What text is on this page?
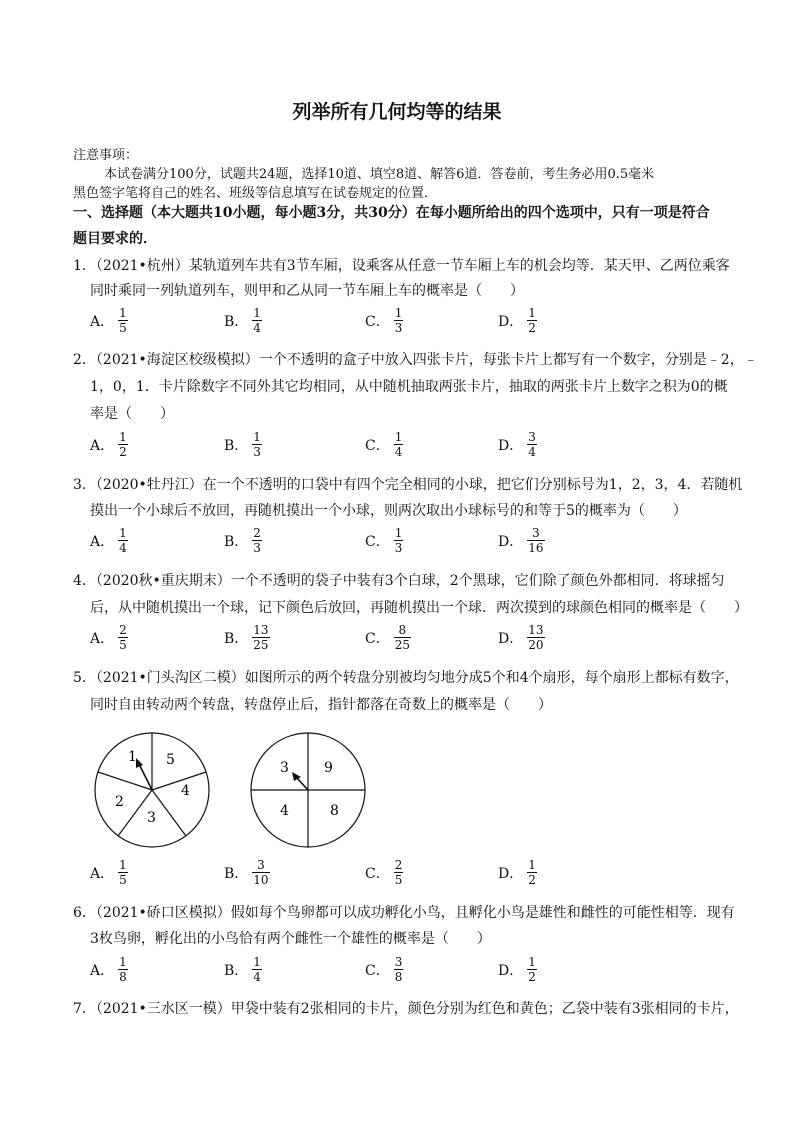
列举所有几何均等的结果
注意事项：
本试卷满分100分，试题共24题，选择10道、填空8道、解答6道．答卷前，考生务必用0.5毫米
黑色签字笔将自己的姓名、班级等信息填写在试卷规定的位置．
一、选择题（本大题共10小题，每小题3分，共30分）在每小题所给出的四个选项中，只有一项是符合
题目要求的．
1．（2021•杭州）某轨道列车共有3节车厢，设乘客从任意一节车厢上车的机会均等．某天甲、乙两位乘客
同时乘同一列轨道列车，则甲和乙从同一节车厢上车的概率是（　　）
A． $\frac{1}{5}$	B． $\frac{1}{4}$	C． $\frac{1}{3}$	D． $\frac{1}{2}$
2．（2021•海淀区校级模拟）一个不透明的盒子中放入四张卡片，每张卡片上都写有一个数字，分别是﹣2，﹣
1，0，1．卡片除数字不同外其它均相同，从中随机抽取两张卡片，抽取的两张卡片上数字之积为0的概
率是（　　）
A． $\frac{1}{2}$	B． $\frac{1}{3}$	C． $\frac{1}{4}$	D． $\frac{3}{4}$
3．（2020•牡丹江）在一个不透明的口袋中有四个完全相同的小球，把它们分别标号为1，2，3，4．若随机
摸出一个小球后不放回，再随机摸出一个小球，则两次取出小球标号的和等于5的概率为（　　）
A． $\frac{1}{4}$	B． $\frac{2}{3}$	C． $\frac{1}{3}$	D． $\frac{3}{16}$
4．（2020秋•重庆期末）一个不透明的袋子中装有3个白球，2个黑球，它们除了颜色外都相同．将球摇匀
后，从中随机摸出一个球，记下颜色后放回，再随机摸出一个球．两次摸到的球颜色相同的概率是（　　）
A． $\frac{2}{5}$	B． $\frac{13}{25}$	C． $\frac{8}{25}$	D． $\frac{13}{20}$
5．（2021•门头沟区二模）如图所示的两个转盘分别被均匀地分成5个和4个扇形，每个扇形上都标有数字，
同时自由转动两个转盘，转盘停止后，指针都落在奇数上的概率是（　　）
1 5
4
3
2
3	9
8
4
A． $\frac{1}{5}$	B． $\frac{3}{10}$	C． $\frac{2}{5}$	D． $\frac{1}{2}$
6．（2021•硚口区模拟）假如每个鸟卵都可以成功孵化小鸟，且孵化小鸟是雄性和雌性的可能性相等．现有
3枚鸟卵，孵化出的小鸟恰有两个雌性一个雄性的概率是（　　）
A． $\frac{1}{8}$	B． $\frac{1}{4}$	C． $\frac{3}{8}$	D． $\frac{1}{2}$
7．（2021•三水区一模）甲袋中装有2张相同的卡片，颜色分别为红色和黄色；乙袋中装有3张相同的卡片，
